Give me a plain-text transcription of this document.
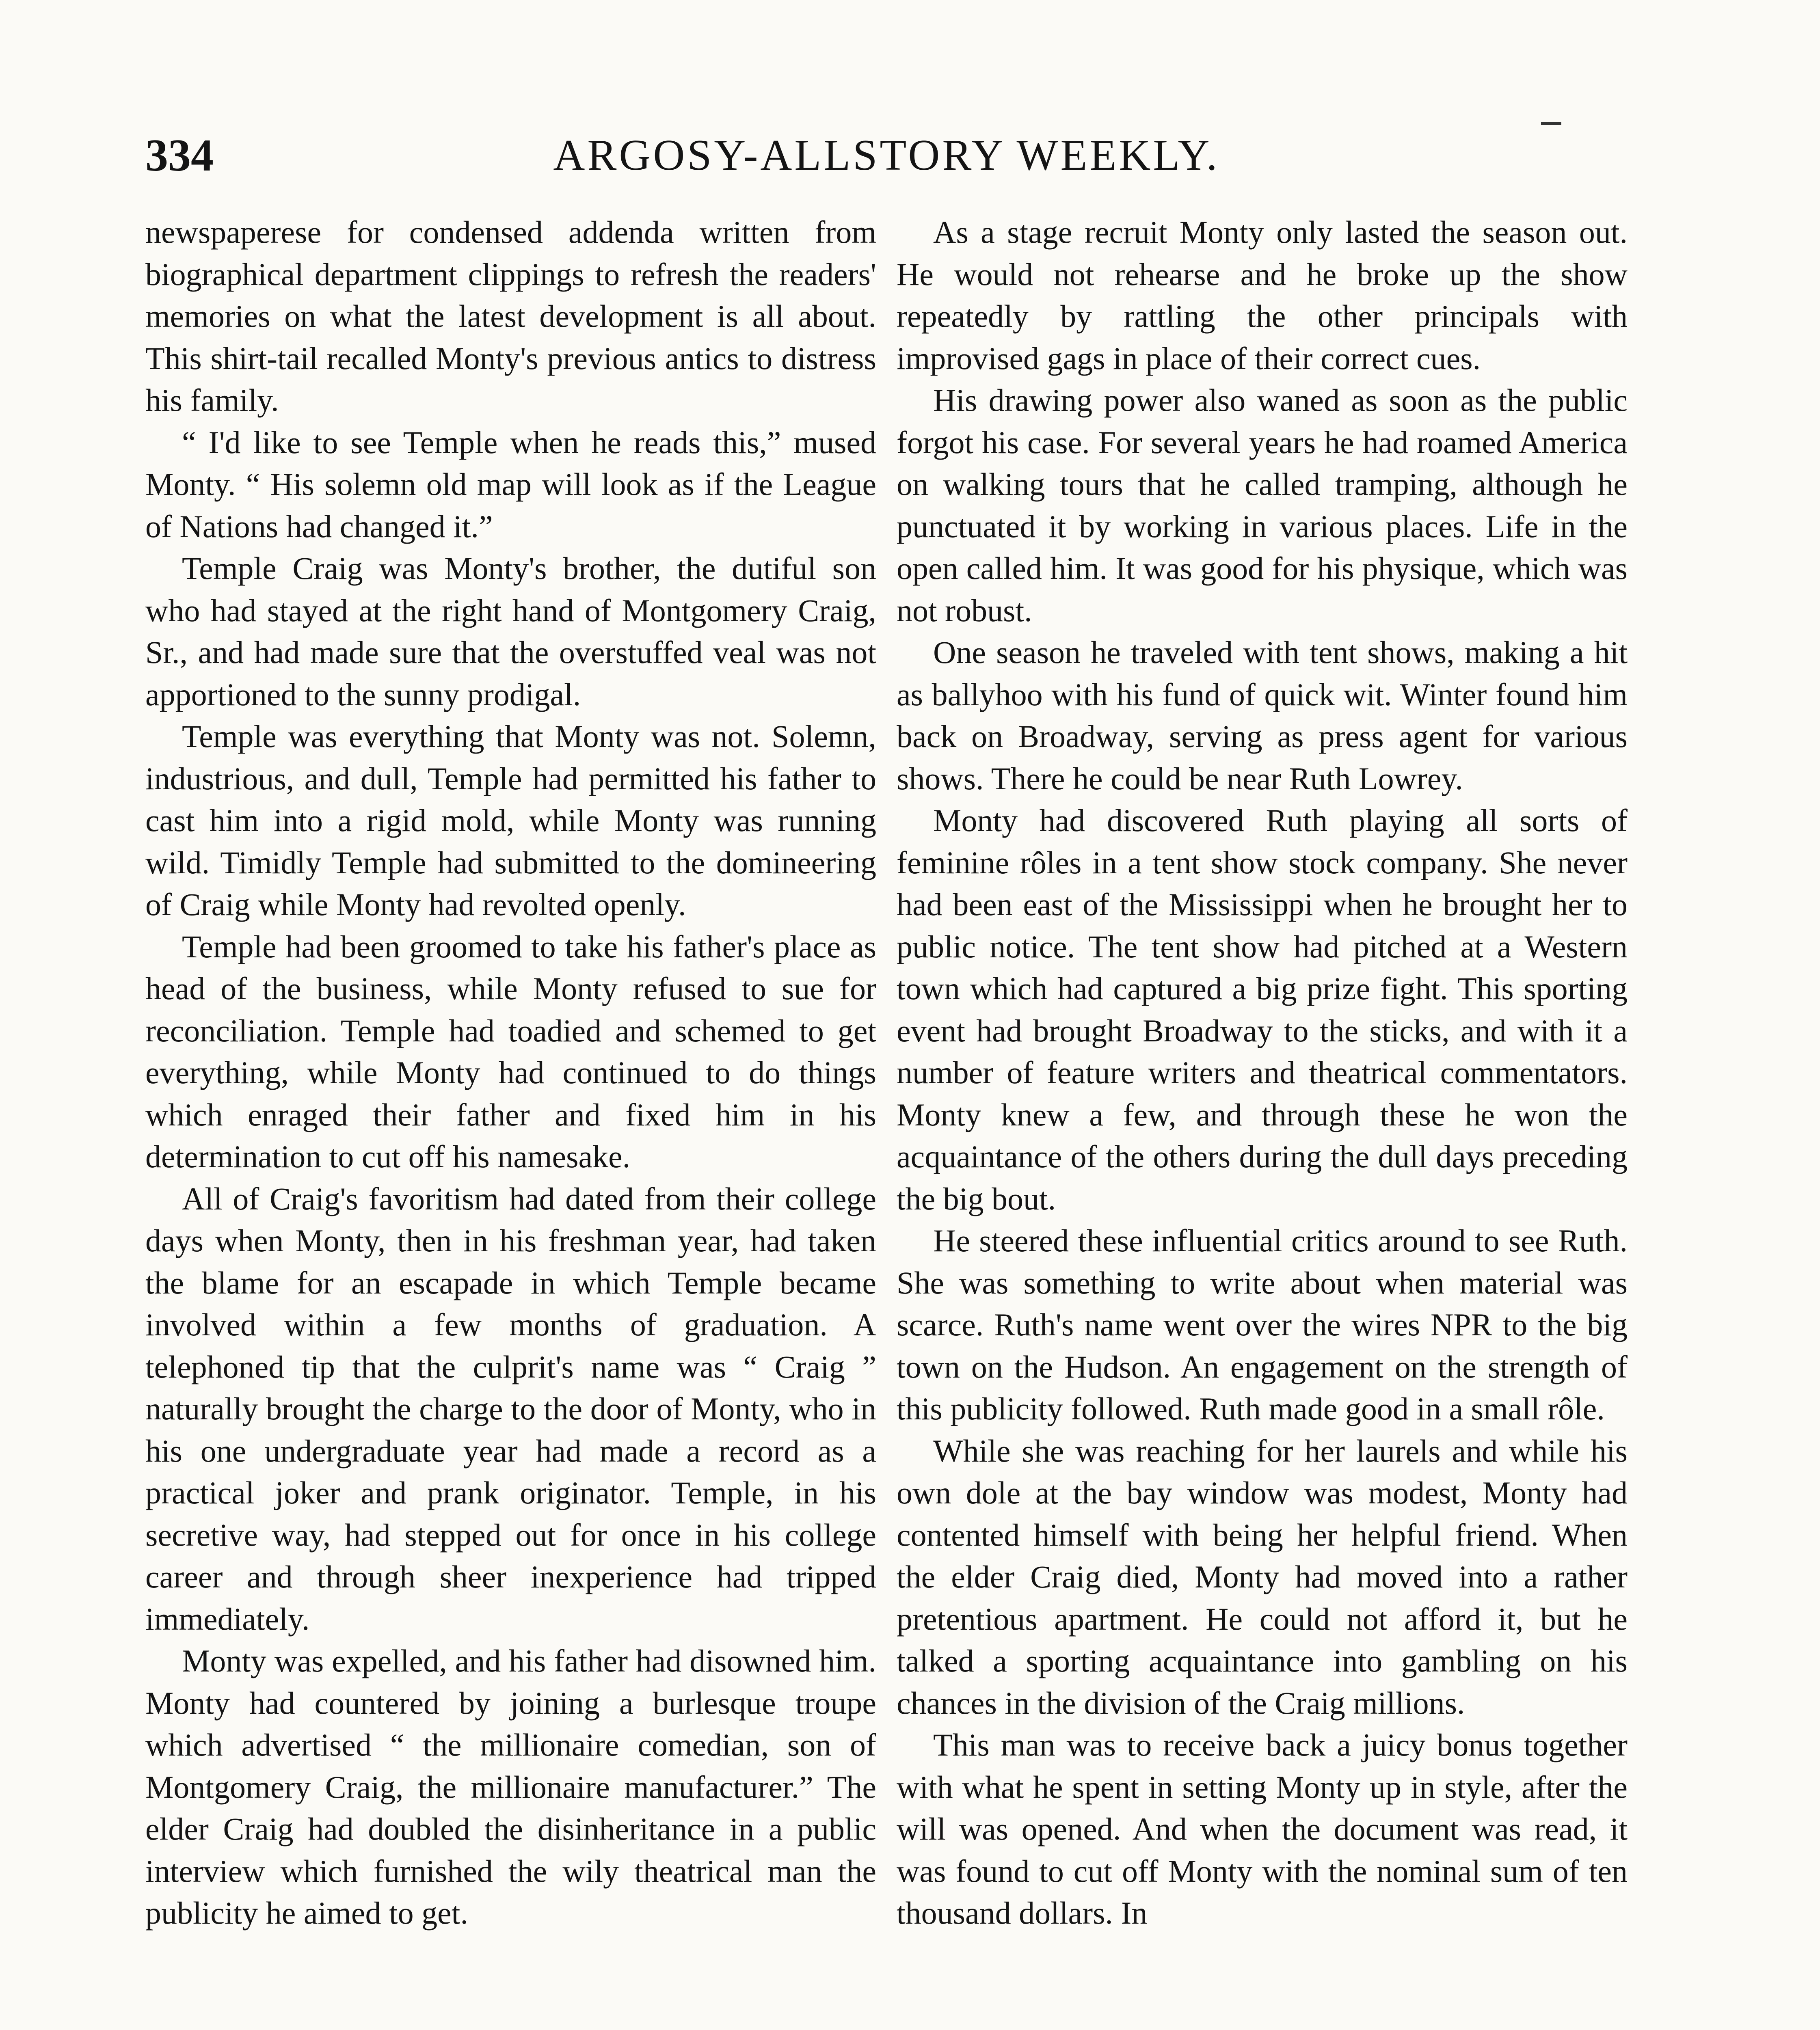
334	ARGOSY-ALLSTORY WEEKLY.

newspaperese for condensed addenda written from biographical department clippings to refresh the readers' memories on what the latest development is all about. This shirt-tail recalled Monty's previous antics to distress his family.

“ I'd like to see Temple when he reads this,” mused Monty. “ His solemn old map will look as if the League of Nations had changed it.”

Temple Craig was Monty's brother, the dutiful son who had stayed at the right hand of Montgomery Craig, Sr., and had made sure that the overstuffed veal was not apportioned to the sunny prodigal.

Temple was everything that Monty was not. Solemn, industrious, and dull, Temple had permitted his father to cast him into a rigid mold, while Monty was running wild. Timidly Temple had submitted to the domineering of Craig while Monty had revolted openly.

Temple had been groomed to take his father's place as head of the business, while Monty refused to sue for reconciliation. Temple had toadied and schemed to get everything, while Monty had continued to do things which enraged their father and fixed him in his determination to cut off his namesake.

All of Craig's favoritism had dated from their college days when Monty, then in his freshman year, had taken the blame for an escapade in which Temple became involved within a few months of graduation. A telephoned tip that the culprit's name was “ Craig ” naturally brought the charge to the door of Monty, who in his one undergraduate year had made a record as a practical joker and prank originator. Temple, in his secretive way, had stepped out for once in his college career and through sheer inexperience had tripped immediately.

Monty was expelled, and his father had disowned him. Monty had countered by joining a burlesque troupe which advertised “ the millionaire comedian, son of Montgomery Craig, the millionaire manufacturer.” The elder Craig had doubled the disinheritance in a public interview which furnished the wily theatrical man the publicity he aimed to get.

As a stage recruit Monty only lasted the season out. He would not rehearse and he broke up the show repeatedly by rattling the other principals with improvised gags in place of their correct cues.

His drawing power also waned as soon as the public forgot his case. For several years he had roamed America on walking tours that he called tramping, although he punctuated it by working in various places. Life in the open called him. It was good for his physique, which was not robust.

One season he traveled with tent shows, making a hit as ballyhoo with his fund of quick wit. Winter found him back on Broadway, serving as press agent for various shows. There he could be near Ruth Lowrey.

Monty had discovered Ruth playing all sorts of feminine rôles in a tent show stock company. She never had been east of the Mississippi when he brought her to public notice. The tent show had pitched at a Western town which had captured a big prize fight. This sporting event had brought Broadway to the sticks, and with it a number of feature writers and theatrical commentators. Monty knew a few, and through these he won the acquaintance of the others during the dull days preceding the big bout.

He steered these influential critics around to see Ruth. She was something to write about when material was scarce. Ruth's name went over the wires NPR to the big town on the Hudson. An engagement on the strength of this publicity followed. Ruth made good in a small rôle.

While she was reaching for her laurels and while his own dole at the bay window was modest, Monty had contented himself with being her helpful friend. When the elder Craig died, Monty had moved into a rather pretentious apartment. He could not afford it, but he talked a sporting acquaintance into gambling on his chances in the division of the Craig millions.

This man was to receive back a juicy bonus together with what he spent in setting Monty up in style, after the will was opened. And when the document was read, it was found to cut off Monty with the nominal sum of ten thousand dollars. In
